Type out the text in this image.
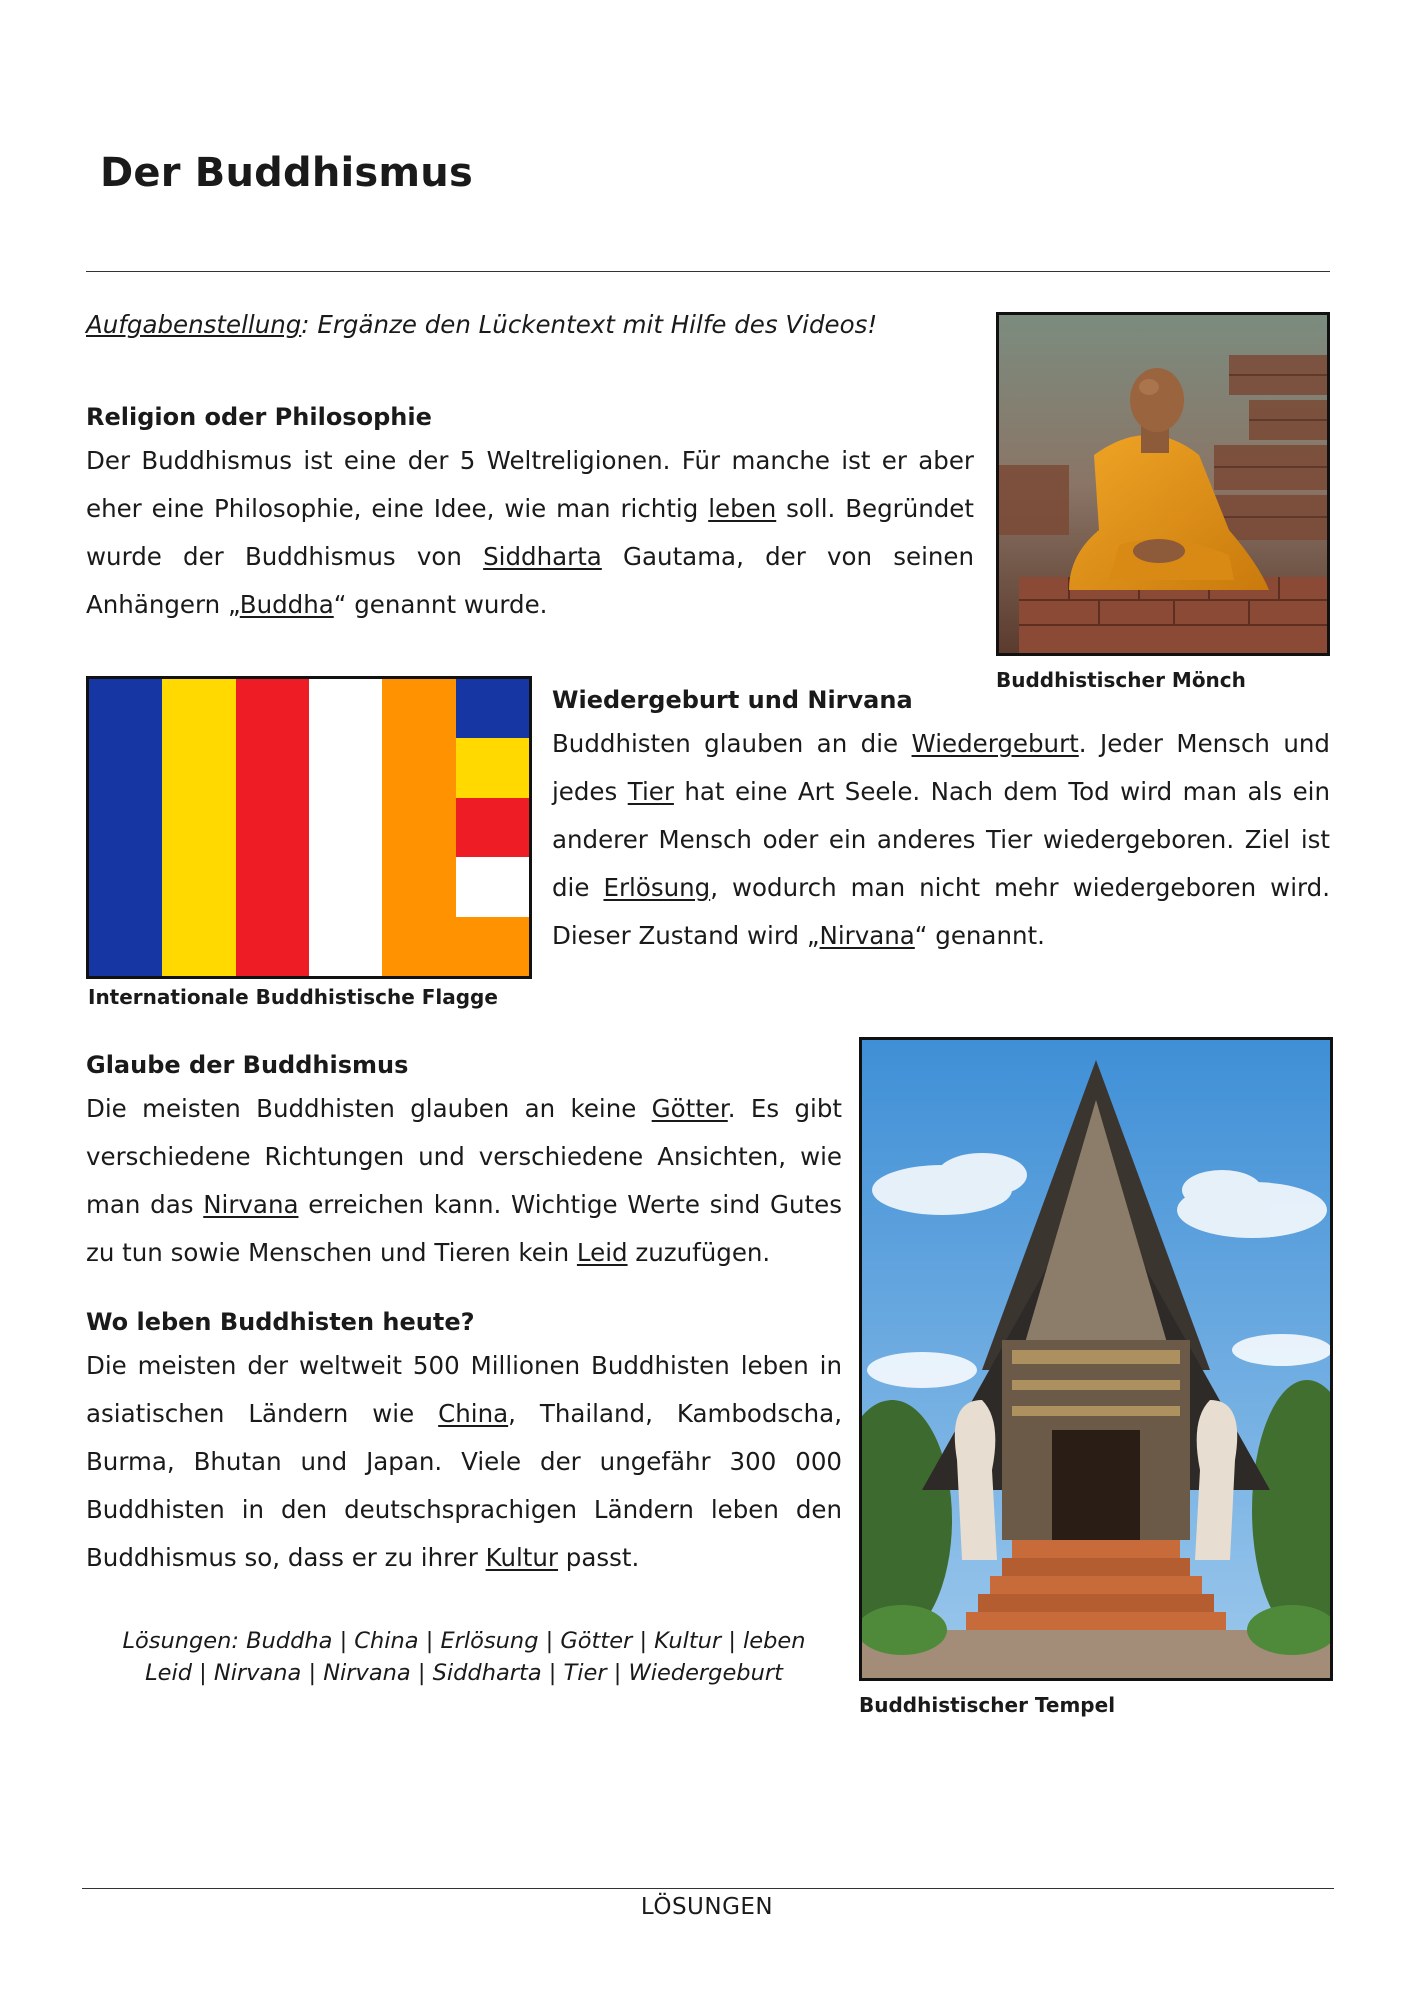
Der Buddhismus
Aufgabenstellung: Ergänze den Lückentext mit Hilfe des Videos!
Buddhistischer Mönch
Religion oder Philosophie

Der Buddhismus ist eine der 5 Weltreligionen. Für manche ist er aber eher eine Philosophie, eine Idee, wie man richtig leben soll. Begründet wurde der Buddhismus von Siddharta Gautama, der von seinen Anhängern „Buddha“ genannt wurde.

Internationale Buddhistische Flagge
Wiedergeburt und Nirvana

Buddhisten glauben an die Wiedergeburt. Jeder Mensch und jedes Tier hat eine Art Seele. Nach dem Tod wird man als ein anderer Mensch oder ein anderes Tier wiedergeboren. Ziel ist die Erlösung, wodurch man nicht mehr wiedergeboren wird. Dieser Zustand wird „Nirvana“ genannt.

Buddhistischer Tempel
Glaube der Buddhismus

Die meisten Buddhisten glauben an keine Götter. Es gibt verschiedene Richtungen und verschiedene Ansichten, wie man das Nirvana erreichen kann. Wichtige Werte sind Gutes zu tun sowie Menschen und Tieren kein Leid zuzufügen.

Wo leben Buddhisten heute?

Die meisten der weltweit 500 Millionen Buddhisten leben in asiatischen Ländern wie China, Thailand, Kambodscha, Burma, Bhutan und Japan. Viele der ungefähr 300 000 Buddhisten in den deutschsprachigen Ländern leben den Buddhismus so, dass er zu ihrer Kultur passt.

Lösungen: Buddha | China | Erlösung | Götter | Kultur | leben
Leid | Nirvana | Nirvana | Siddharta | Tier | Wiedergeburt
LÖSUNGEN
